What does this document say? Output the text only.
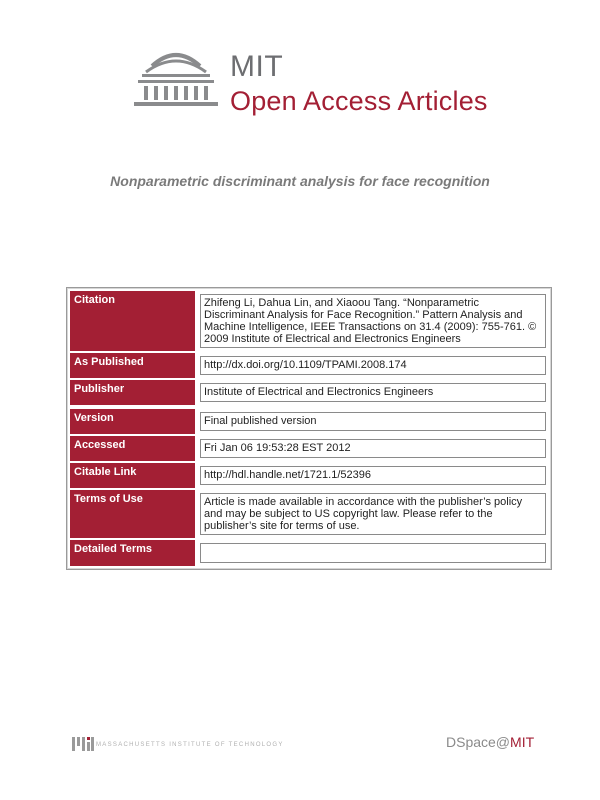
MIT
Open Access Articles
Nonparametric discriminant analysis for face recognition
Citation	Zhifeng Li, Dahua Lin, and Xiaoou Tang. “Nonparametric Discriminant Analysis for Face Recognition.” Pattern Analysis and Machine Intelligence, IEEE Transactions on 31.4 (2009): 755-761. © 2009 Institute of Electrical and Electronics Engineers

As Published	http://dx.doi.org/10.1109/TPAMI.2008.174

Publisher	Institute of Electrical and Electronics Engineers

Version	Final published version

Accessed	Fri Jan 06 19:53:28 EST 2012

Citable Link	http://hdl.handle.net/1721.1/52396

Terms of Use	Article is made available in accordance with the publisher’s policy and may be subject to US copyright law. Please refer to the publisher’s site for terms of use.

Detailed Terms	
MASSACHUSETTS INSTITUTE OF TECHNOLOGY	DSpace@MIT
